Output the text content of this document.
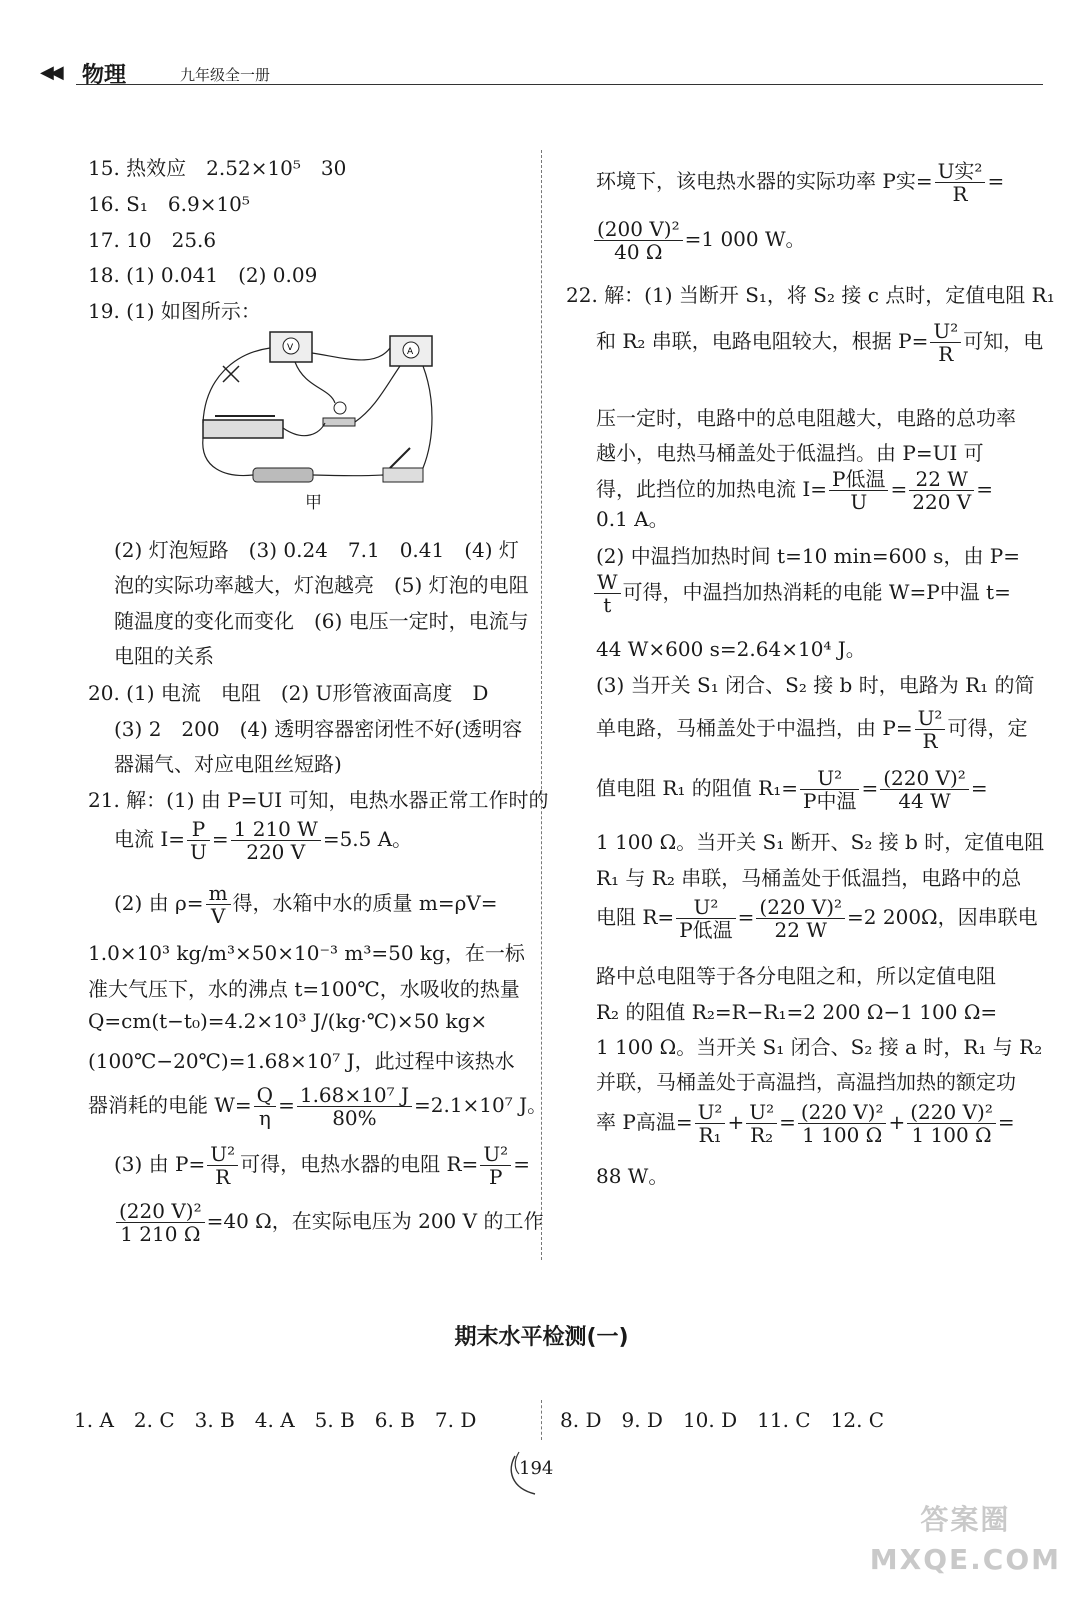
◀◀ 物理	九年级全一册
15. 热效应　2.52×10⁵　30
16. S₁　6.9×10⁵
17. 10　25.6
18. (1) 0.041　(2) 0.09
19. (1) 如图所示：
(2) 灯泡短路　(3) 0.24　7.1　0.41　(4) 灯
泡的实际功率越大，灯泡越亮　(5) 灯泡的电阻
随温度的变化而变化　(6) 电压一定时，电流与
电阻的关系
20. (1) 电流　电阻　(2) U形管液面高度　D
(3) 2　200　(4) 透明容器密闭性不好(透明容
器漏气、对应电阻丝短路)
21. 解：(1) 由 P=UI 可知，电热水器正常工作时的
电流 $I= \frac{P}{U} = \frac{1 210 W}{220 V} =5.5$ A。
(2) 由 $\rho= \frac{m}{V}$ 得，水箱中水的质量 m=ρV=
1.0×10³ kg/m³×50×10⁻³ m³=50 kg，在一标
准大气压下，水的沸点 t=100℃，水吸收的热量
Q=cm(t−t₀)=4.2×10³ J/(kg·℃)×50 kg×
(100℃−20℃)=1.68×10⁷ J，此过程中该热水
器消耗的电能 $W= \frac{Q}{\eta} = \frac{\text{1.68×10⁷ J}}{80\%} =2.1\times 10^7$ J。
(3) 由 $P= \frac{\text{U²}}{R}$ 可得，电热水器的电阻 $R= \frac{\text{U²}}{P}$ =
$\frac{\text{(220 V)²}}{1 210 \Omega} =40$ Ω，在实际电压为 200 V 的工作
V	A
甲
环境下，该电热水器的实际功率 P实= $\frac{\text{U实²}}{R}$ =
$\frac{\text{(200 V)²}}{40 \Omega} =1$ 000 W。
22. 解：(1) 当断开 S₁，将 S₂ 接 c 点时，定值电阻 R₁
和 R₂ 串联，电路电阻较大，根据 $P= \frac{\text{U²}}{R}$ 可知，电
压一定时，电路中的总电阻越大，电路的总功率
越小，电热马桶盖处于低温挡。由 P=UI 可
得，此挡位的加热电流 $I= \frac{\text{P低温}}{U} = \frac{22 W}{220 V}$ =
0.1 A。
(2) 中温挡加热时间 t=10 min=600 s，由 P=
$\frac{W}{t}$ 可得，中温挡加热消耗的电能 W=P中温 t=
44 W×600 s=2.64×10⁴ J。
(3) 当开关 S₁ 闭合、S₂ 接 b 时，电路为 R₁ 的简
单电路，马桶盖处于中温挡，由 $P= \frac{\text{U²}}{R}$ 可得，定
值电阻 R₁ 的阻值 $R_1= \frac{\text{U²}}{\text{P中温}} = \frac{\text{(220 V)²}}{44 W}$ =
1 100 Ω。当开关 S₁ 断开、S₂ 接 b 时，定值电阻
R₁ 与 R₂ 串联，马桶盖处于低温挡，电路中的总
电阻 $R= \frac{\text{U²}}{\text{P低温}} = \frac{\text{(220 V)²}}{22 W} =2$ 200Ω，因串联电
路中总电阻等于各分电阻之和，所以定值电阻
R₂ 的阻值 R₂=R−R₁=2 200 Ω−1 100 Ω=
1 100 Ω。当开关 S₁ 闭合、S₂ 接 a 时，R₁ 与 R₂
并联，马桶盖处于高温挡，高温挡加热的额定功
率 P高温= $\frac{\text{U²}}{\text{R₁}} + \frac{\text{U²}}{\text{R₂}} = \frac{\text{(220 V)²}}{1 100 \Omega} + \frac{\text{(220 V)²}}{1 100 \Omega}$ =
88 W。
期末水平检测(一)
1. A　2. C　3. B　4. A　5. B　6. B　7. D	8. D　9. D　10. D　11. C　12. C
194
答案圈
MXQE.COM
